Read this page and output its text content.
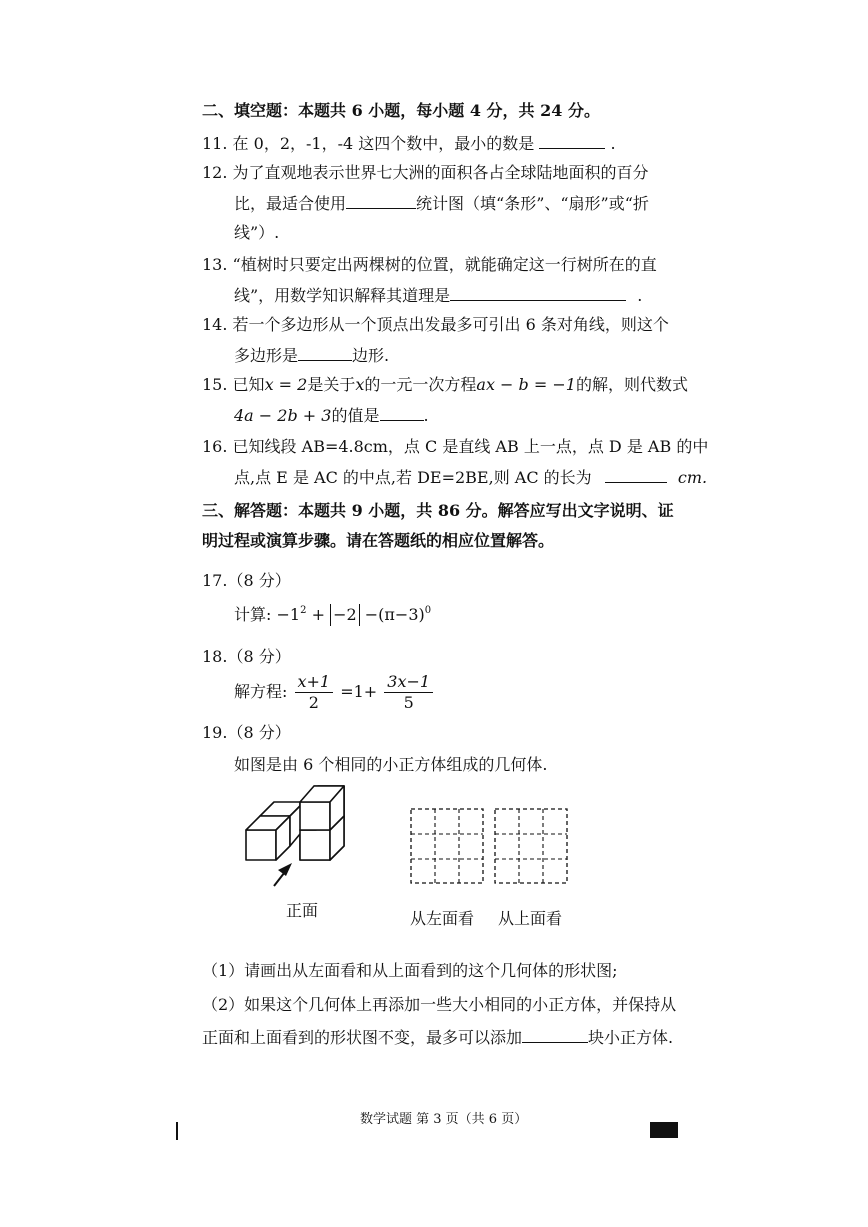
二、填空题：本题共 6 小题，每小题 4 分，共 24 分。
11. 在 0，2，-1，-4 这四个数中，最小的数是	.
12. 为了直观地表示世界七大洲的面积各占全球陆地面积的百分
比，最适合使用	统计图（填“条形”、“扇形”或“折
线”）.
13. “植树时只要定出两棵树的位置，就能确定这一行树所在的直
线”，用数学知识解释其道理是	.
14. 若一个多边形从一个顶点出发最多可引出 6 条对角线，则这个
多边形是	边形.
15. 已知x = 2是关于x的一元一次方程ax − b = −1的解，则代数式
4a − 2b + 3的值是	.
16. 已知线段 AB=4.8cm，点 C 是直线 AB 上一点，点 D 是 AB 的中
点,点 E 是 AC 的中点,若 DE=2BE,则 AC 的长为	cm.
三、解答题：本题共 9 小题，共 86 分。解答应写出文字说明、证
明过程或演算步骤。请在答题纸的相应位置解答。
17.（8 分）
计算: $-1^2 + -2 -(\pi-3)^0$
18.（8 分）
解方程: $\frac{x+1}{2} =1+ \frac{3x-1}{5}$
19.（8 分）
如图是由 6 个相同的小正方体组成的几何体.
正面	从左面看 从上面看
（1）请画出从左面看和从上面看到的这个几何体的形状图;
（2）如果这个几何体上再添加一些大小相同的小正方体，并保持从
正面和上面看到的形状图不变，最多可以添加	块小正方体.
数学试题 第 3 页（共 6 页）
